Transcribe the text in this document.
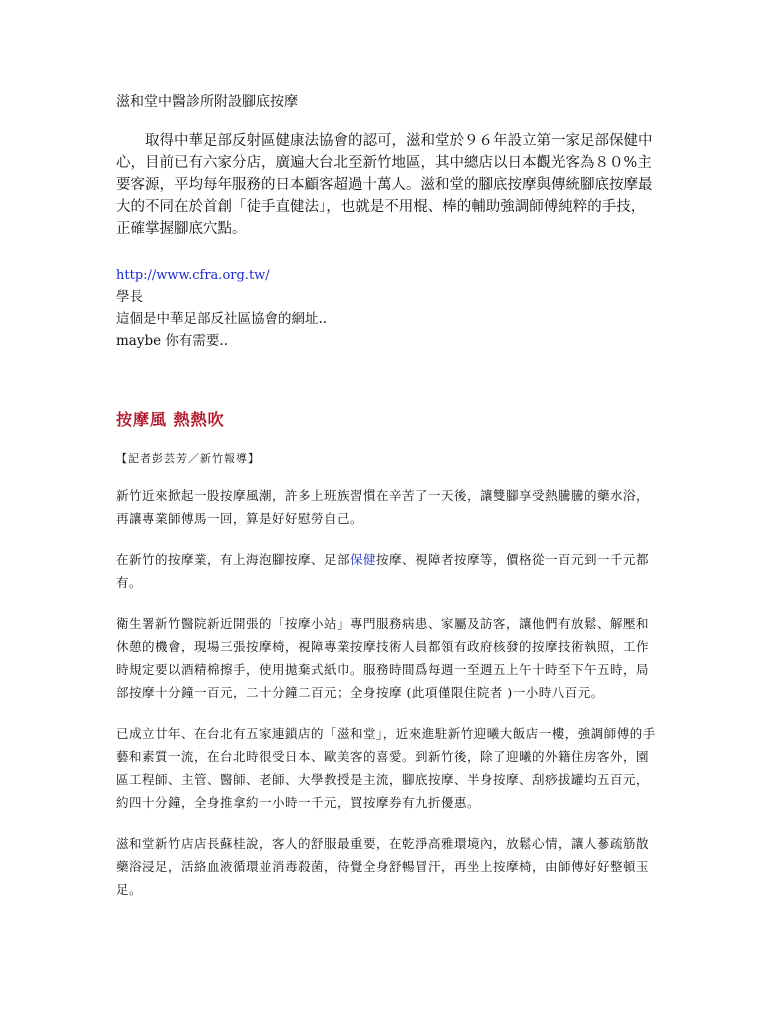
滋和堂中醫診所附設腳底按摩

取得中華足部反射區健康法協會的認可，滋和堂於９６年設立第一家足部保健中心，目前已有六家分店，廣遍大台北至新竹地區，其中總店以日本觀光客為８０%主要客源，平均每年服務的日本顧客超過十萬人。滋和堂的腳底按摩與傳統腳底按摩最大的不同在於首創「徒手直健法」，也就是不用棍、棒的輔助強調師傅純粹的手技，正確掌握腳底穴點。

http://www.cfra.org.tw/

學長

這個是中華足部反社區協會的網址..

maybe 你有需要..

按摩風 熱熱吹

【記者彭芸芳／新竹報導】

新竹近來掀起一股按摩風潮，許多上班族習慣在辛苦了一天後，讓雙腳享受熱騰騰的藥水浴，再讓專業師傅馬一回，算是好好慰勞自己。

在新竹的按摩業，有上海泡腳按摩、足部保健按摩、視障者按摩等，價格從一百元到一千元都有。

衛生署新竹醫院新近開張的「按摩小站」專門服務病患、家屬及訪客，讓他們有放鬆、解壓和休憩的機會，現場三張按摩椅，視障專業按摩技術人員都領有政府核發的按摩技術執照，工作時規定要以酒精棉擦手，使用拋棄式紙巾。服務時間爲每週一至週五上午十時至下午五時，局部按摩十分鐘一百元，二十分鐘二百元；全身按摩 (此項僅限住院者 )一小時八百元。

已成立廿年、在台北有五家連鎖店的「滋和堂」，近來進駐新竹迎曦大飯店一樓，強調師傅的手藝和素質一流，在台北時很受日本、歐美客的喜愛。到新竹後，除了迎曦的外籍住房客外，園區工程師、主管、醫師、老師、大學教授是主流，腳底按摩、半身按摩、刮痧拔罐均五百元，約四十分鐘，全身推拿約一小時一千元，買按摩券有九折優惠。

滋和堂新竹店店長蘇桂說，客人的舒服最重要，在乾淨高雅環境內，放鬆心情，讓人蔘疏筋散藥浴浸足，活絡血液循環並消毒殺菌，待覺全身舒暢冒汗，再坐上按摩椅，由師傅好好整頓玉足。
